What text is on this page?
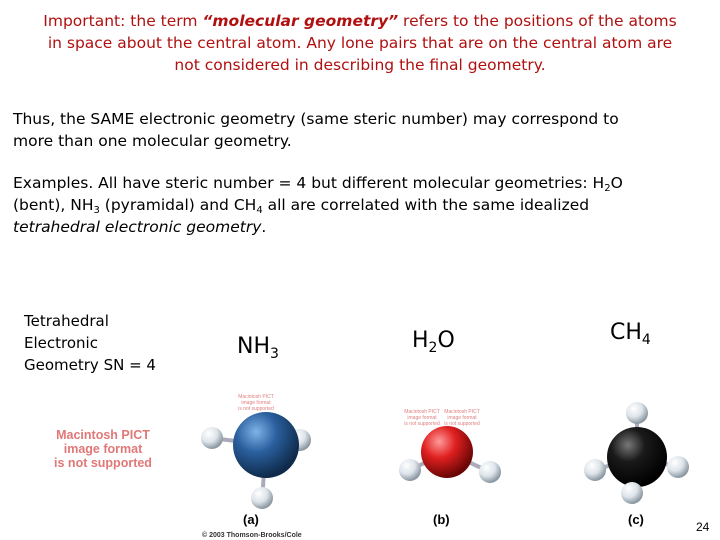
Important: the term “molecular geometry” refers to the positions of the atoms
in space about the central atom. Any lone pairs that are on the central atom are
not considered in describing the final geometry.
Thus, the SAME electronic geometry (same steric number) may correspond to
more than one molecular geometry.
Examples. All have steric number = 4 but different molecular geometries: $H_2O$
(bent), $NH_3$ (pyramidal) and $CH_4$ all are correlated with the same idealized
tetrahedral electronic geometry.
Tetrahedral
Electronic
Geometry SN = 4
$NH_3$
$H_2O$	$CH_4$
Macintosh PICT
image format
is not supported
Macintosh PICT
image format
is not supported	Macintosh PICT
image format
is not supported
Macintosh PICT
image format
is not supported
(a)	(b)	(c)
© 2003 Thomson-Brooks/Cole
24
